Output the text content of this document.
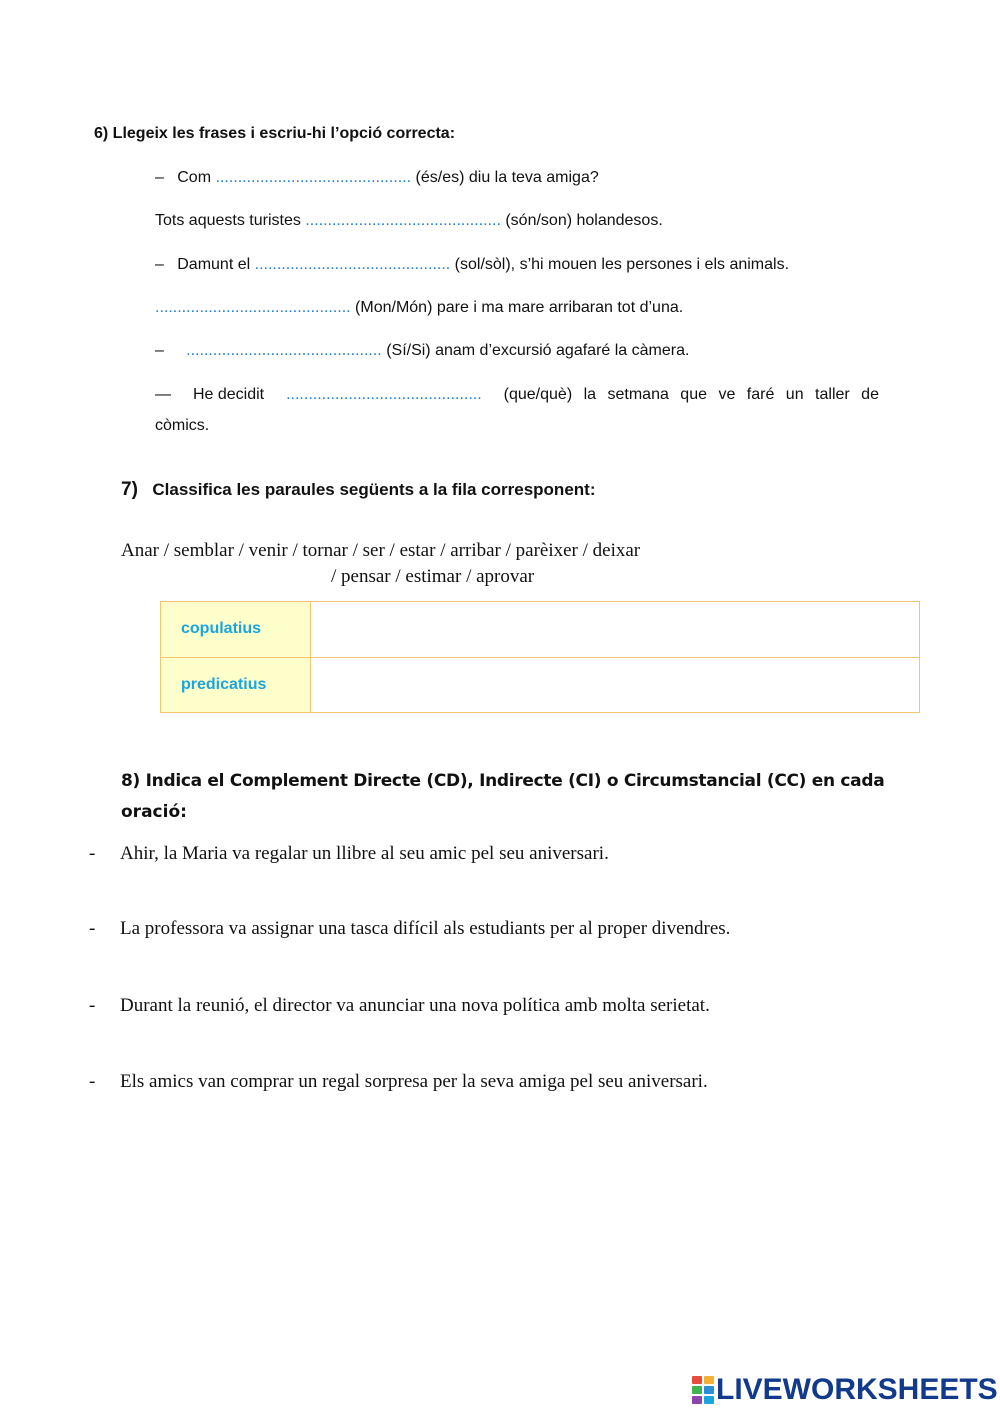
6) Llegeix les frases i escriu-hi l’opció correcta:
– Com ............................................ (és/es) diu la teva amiga?
Tots aquests turistes ............................................ (són/son) holandesos.
– Damunt el ............................................ (sol/sòl), s’hi mouen les persones i els animals.
............................................ (Mon/Món) pare i ma mare arribaran tot d’una.
– ............................................ (Sí/Si) anam d’excursió agafaré la càmera.
— He decidit ............................................ (que/què) la setmana que ve faré un taller de
còmics.
7) Classifica les paraules següents a la fila corresponent:
Anar / semblar / venir / tornar / ser / estar / arribar / parèixer / deixar
/ pensar / estimar / aprovar
copulatius	
predicatius	
8) Indica el Complement Directe (CD), Indirecte (CI) o Circumstancial (CC) en cada
oració:
- Ahir, la Maria va regalar un llibre al seu amic pel seu aniversari.
- La professora va assignar una tasca difícil als estudiants per al proper divendres.
- Durant la reunió, el director va anunciar una nova política amb molta serietat.
- Els amics van comprar un regal sorpresa per la seva amiga pel seu aniversari.
LIVEWORKSHEETS
